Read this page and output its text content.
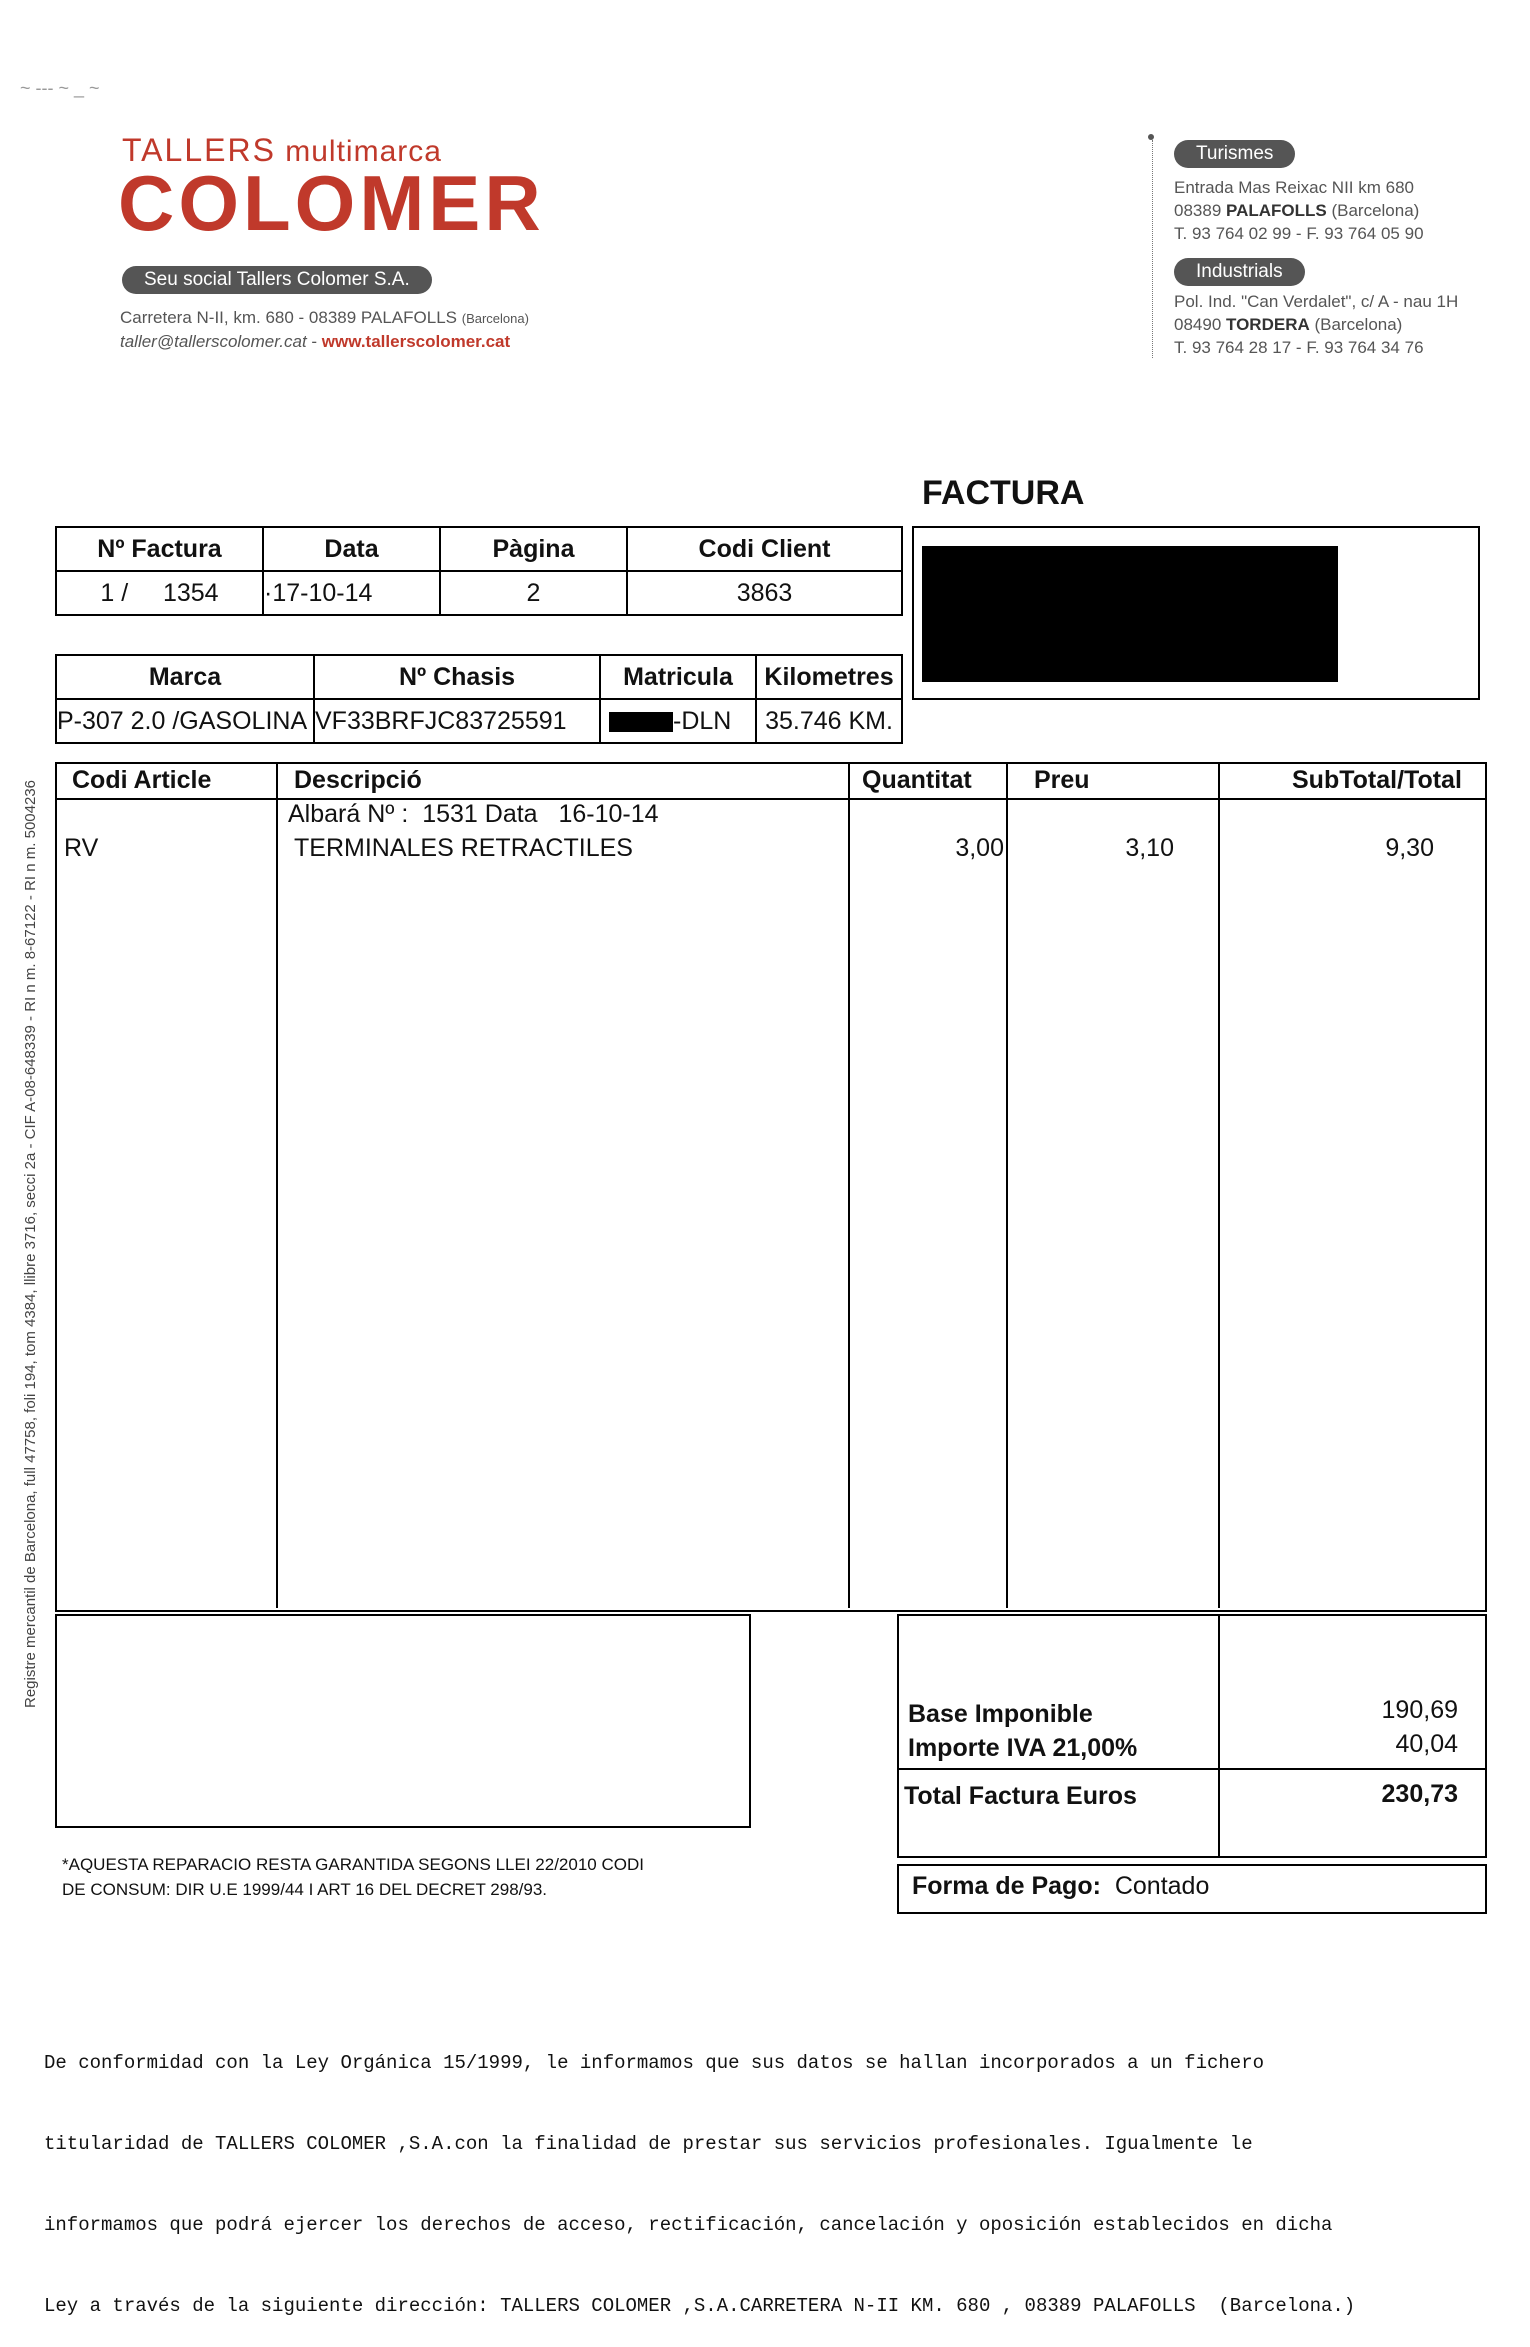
~ --- ~ _ ~
TALLERS multimarca
COLOMER
Seu social Tallers Colomer S.A.
Carretera N-II, km. 680 - 08389 PALAFOLLS (Barcelona)
taller@tallerscolomer.cat - www.tallerscolomer.cat
Turismes
Entrada Mas Reixac NII km 680
08389 PALAFOLLS (Barcelona)
T. 93 764 02 99 - F. 93 764 05 90
Industrials
Pol. Ind. "Can Verdalet", c/ A - nau 1H
08490 TORDERA (Barcelona)
T. 93 764 28 17 - F. 93 764 34 76
FACTURA
Nº Factura	Data	Pàgina	Codi Client
1 / 1354	·17-10-14	2	3863
Marca	Nº Chasis	Matricula	Kilometres
P-307 2.0 /GASOLINA	VF33BRFJC83725591	-DLN	35.746 KM.
Codi Article	Descripció	Quantitat Preu	SubTotal/Total
Albará Nº : 1531 Data 16-10-14
RV	TERMINALES RETRACTILES	3,00	3,10	9,30
Base Imponible	190,69
Importe IVA 21,00%	40,04
Total Factura Euros	230,73
Forma de Pago: Contado
*AQUESTA REPARACIO RESTA GARANTIDA SEGONS LLEI 22/2010 CODI
DE CONSUM: DIR U.E 1999/44 I ART 16 DEL DECRET 298/93.

De conformidad con la Ley Orgánica 15/1999, le informamos que sus datos se hallan incorporados a un fichero

titularidad de TALLERS COLOMER ,S.A.con la finalidad de prestar sus servicios profesionales. Igualmente le

informamos que podrá ejercer los derechos de acceso, rectificación, cancelación y oposición establecidos en dicha

Ley a través de la siguiente dirección: TALLERS COLOMER ,S.A.CARRETERA N-II KM. 680 , 08389 PALAFOLLS  (Barcelona.)

Registre mercantil de Barcelona, full 47758, foli 194, tom 4384, llibre 3716, secci 2a - CIF A-08-648339 - RI n m. 8-67122 - RI n m. 5004236
